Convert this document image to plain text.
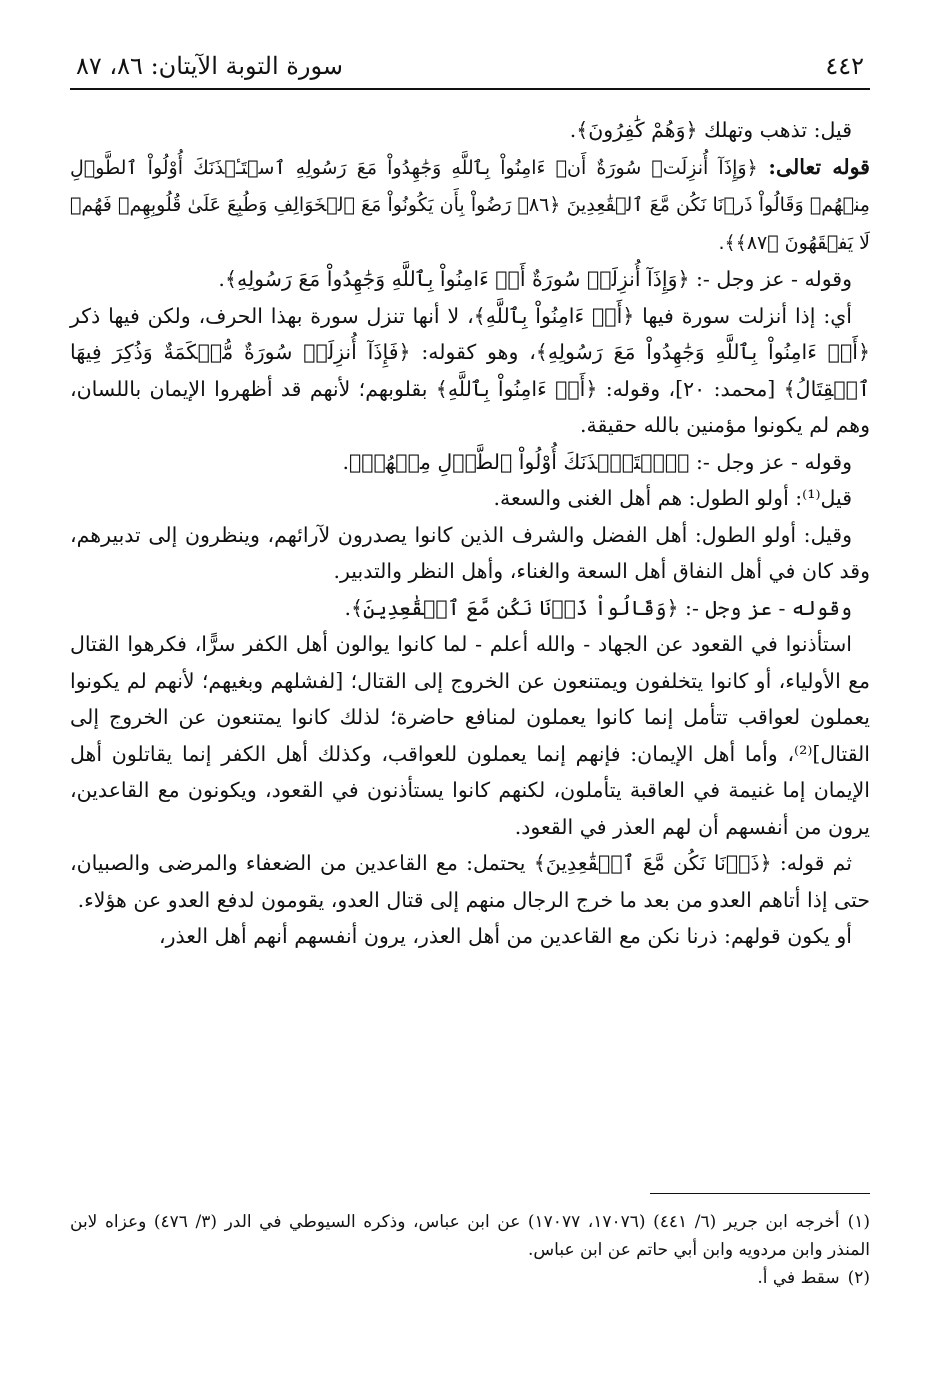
٤٤٢
سورة التوبة الآيتان: ٨٦، ٨٧

قيل: تذهب وتهلك ﴿وَهُمْ كَٰفِرُونَ﴾.

قوله تعالى: ﴿وَإِذَآ أُنزِلَتۡ سُورَةٌ أَنۡ ءَامِنُواْ بِٱللَّهِ وَجَٰهِدُواْ مَعَ رَسُولِهِ ٱسۡتَـٔۡذَنَكَ أُوْلُواْ ٱلطَّوۡلِ مِنۡهُمۡ وَقَالُواْ ذَرۡنَا نَكُن مَّعَ ٱلۡقَٰعِدِينَ ﴿٨٦﴾ رَضُواْ بِأَن يَكُونُواْ مَعَ ٱلۡخَوَالِفِ وَطُبِعَ عَلَىٰ قُلُوبِهِمۡ فَهُمۡ لَا يَفۡقَهُونَ ﴿٨٧﴾﴾.

وقوله - عز وجل -: ﴿وَإِذَآ أُنزِلَتۡ سُورَةٌ أَنۡ ءَامِنُواْ بِٱللَّهِ وَجَٰهِدُواْ مَعَ رَسُولِهِ﴾.

أي: إذا أنزلت سورة فيها ﴿أَنۡ ءَامِنُواْ بِٱللَّهِ﴾، لا أنها تنزل سورة بهذا الحرف، ولكن فيها ذكر ﴿أَنۡ ءَامِنُواْ بِٱللَّهِ وَجَٰهِدُواْ مَعَ رَسُولِهِ﴾، وهو كقوله: ﴿فَإِذَآ أُنزِلَتۡ سُورَةٌ مُّحۡكَمَةٌ وَذُكِرَ فِيهَا ٱلۡقِتَالُ﴾ [محمد: ٢٠]، وقوله: ﴿أَنۡ ءَامِنُواْ بِٱللَّهِ﴾ بقلوبهم؛ لأنهم قد أظهروا الإيمان باللسان، وهم لم يكونوا مؤمنين بالله حقيقة.

وقوله - عز وجل -: ﴿ٱسۡتَـٔۡذَنَكَ أُوْلُواْ ٱلطَّوۡلِ مِنۡهُمۡ﴾.

قيل⁽¹⁾: أولو الطول: هم أهل الغنى والسعة.

وقيل: أولو الطول: أهل الفضل والشرف الذين كانوا يصدرون لآرائهم، وينظرون إلى تدبيرهم، وقد كان في أهل النفاق أهل السعة والغناء، وأهل النظر والتدبير.

وقوله - عز وجل -: ﴿وَقَالُواْ ذَرۡنَا نَكُن مَّعَ ٱلۡقَٰعِدِينَ﴾.

استأذنوا في القعود عن الجهاد - والله أعلم - لما كانوا يوالون أهل الكفر سرًّا، فكرهوا القتال مع الأولياء، أو كانوا يتخلفون ويمتنعون عن الخروج إلى القتال؛ [لفشلهم وبغيهم؛ لأنهم لم يكونوا يعملون لعواقب تتأمل إنما كانوا يعملون لمنافع حاضرة؛ لذلك كانوا يمتنعون عن الخروج إلى القتال]⁽²⁾، وأما أهل الإيمان: فإنهم إنما يعملون للعواقب، وكذلك أهل الكفر إنما يقاتلون أهل الإيمان إما غنيمة في العاقبة يتأملون، لكنهم كانوا يستأذنون في القعود، ويكونون مع القاعدين، يرون من أنفسهم أن لهم العذر في القعود.

ثم قوله: ﴿ذَرۡنَا نَكُن مَّعَ ٱلۡقَٰعِدِينَ﴾ يحتمل: مع القاعدين من الضعفاء والمرضى والصبيان، حتى إذا أتاهم العدو من بعد ما خرج الرجال منهم إلى قتال العدو، يقومون لدفع العدو عن هؤلاء.

أو يكون قولهم: ذرنا نكن مع القاعدين من أهل العذر، يرون أنفسهم أنهم أهل العذر،

(١)أخرجه ابن جرير (٦/ ٤٤١) (١٧٠٧٦، ١٧٠٧٧) عن ابن عباس، وذكره السيوطي في الدر (٣/ ٤٧٦) وعزاه لابن المنذر وابن مردويه وابن أبي حاتم عن ابن عباس.

(٢)سقط في أ.
